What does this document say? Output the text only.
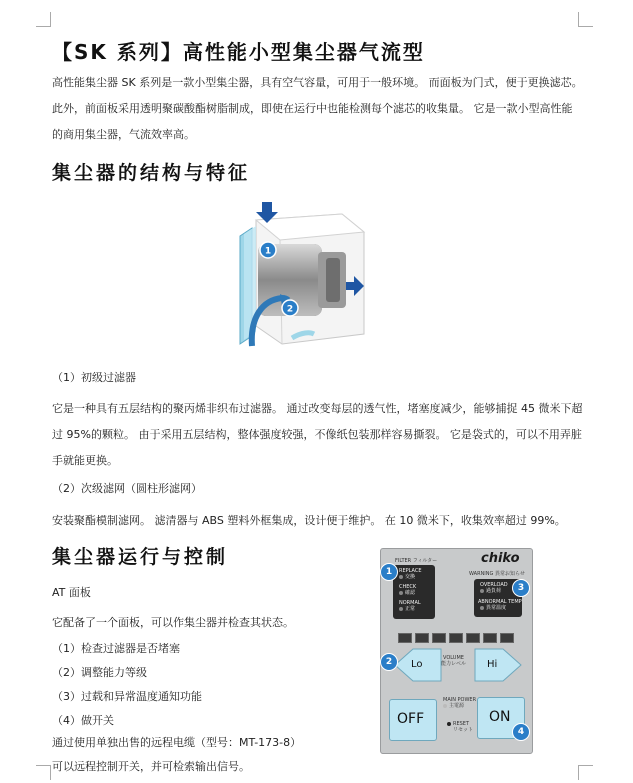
【SK 系列】高性能小型集尘器气流型
高性能集尘器 SK 系列是一款小型集尘器，具有空气容量，可用于一般环境。 而面板为门式，便于更换滤芯。
此外，前面板采用透明聚碳酸酯树脂制成，即使在运行中也能检测每个滤芯的收集量。 它是一款小型高性能
的商用集尘器，气流效率高。
集尘器的结构与特征
1
2
（1）初级过滤器
它是一种具有五层结构的聚丙烯非织布过滤器。 通过改变每层的透气性，堵塞度减少，能够捕捉 45 微米下超
过 95%的颗粒。 由于采用五层结构，整体强度较强，不像纸包装那样容易撕裂。 它是袋式的，可以不用弄脏
手就能更换。
（2）次级滤网（圆柱形滤网）
安装聚酯模制滤网。 滤清器与 ABS 塑料外框集成，设计便于维护。 在 10 微米下，收集效率超过 99%。
集尘器运行与控制
AT 面板
它配备了一个面板，可以作集尘器并检查其状态。
（1）检查过滤器是否堵塞
（2）调整能力等级
（3）过载和异常温度通知功能
（4）做开关
通过使用单独出售的远程电缆（型号：MT-173-8）
可以远程控制开关，并可检索输出信号。
FILTER フィルター	chiko
REPLACE
交換
CHECK
確認
NORMAL
正常
WARNING 異常お知らせ
OVERLOAD
過負荷
ABNORMAL TEMP
異常温度
Lo	Hi
VOLUME
能力レベル
MAIN POWER
主電源
RESET
リセット
OFF	ON
1
2
3
4
